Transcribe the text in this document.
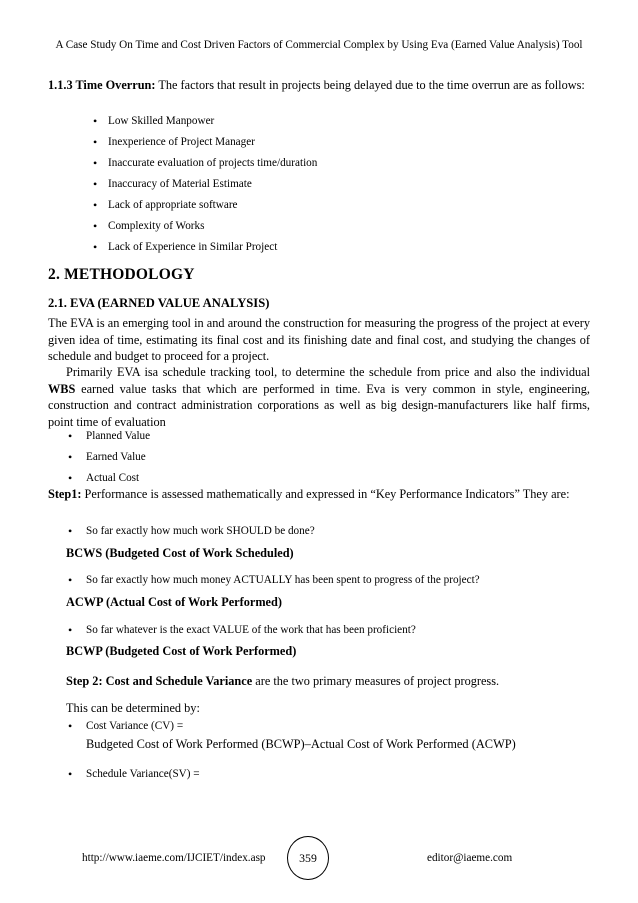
A Case Study On Time and Cost Driven Factors of Commercial Complex by Using Eva (Earned Value Analysis) Tool
1.1.3 Time Overrun: The factors that result in projects being delayed due to the time overrun are as follows:
• Low Skilled Manpower
• Inexperience of Project Manager
• Inaccurate evaluation of projects time/duration
• Inaccuracy of Material Estimate
• Lack of appropriate software
• Complexity of Works
• Lack of Experience in Similar Project
2. METHODOLOGY
2.1. EVA (EARNED VALUE ANALYSIS)
The EVA is an emerging tool in and around the construction for measuring the progress of the project at every given idea of time, estimating its final cost and its finishing date and final cost, and studying the changes of schedule and budget to proceed for a project.
Primarily EVA isa schedule tracking tool, to determine the schedule from price and also the individual WBS earned value tasks that which are performed in time. Eva is very common in style, engineering, construction and contract administration corporations as well as big design-manufacturers like half firms, point time of evaluation
• Planned Value
• Earned Value
• Actual Cost
Step1: Performance is assessed mathematically and expressed in “Key Performance Indicators” They are:
• So far exactly how much work SHOULD be done?
BCWS (Budgeted Cost of Work Scheduled)
• So far exactly how much money ACTUALLY has been spent to progress of the project?
ACWP (Actual Cost of Work Performed)
• So far whatever is the exact VALUE of the work that has been proficient?
BCWP (Budgeted Cost of Work Performed)
Step 2: Cost and Schedule Variance are the two primary measures of project progress.
This can be determined by:
• Cost Variance (CV) =
Budgeted Cost of Work Performed (BCWP)–Actual Cost of Work Performed (ACWP)
• Schedule Variance(SV) =
http://www.iaeme.com/IJCIET/index.asp	359	editor@iaeme.com
